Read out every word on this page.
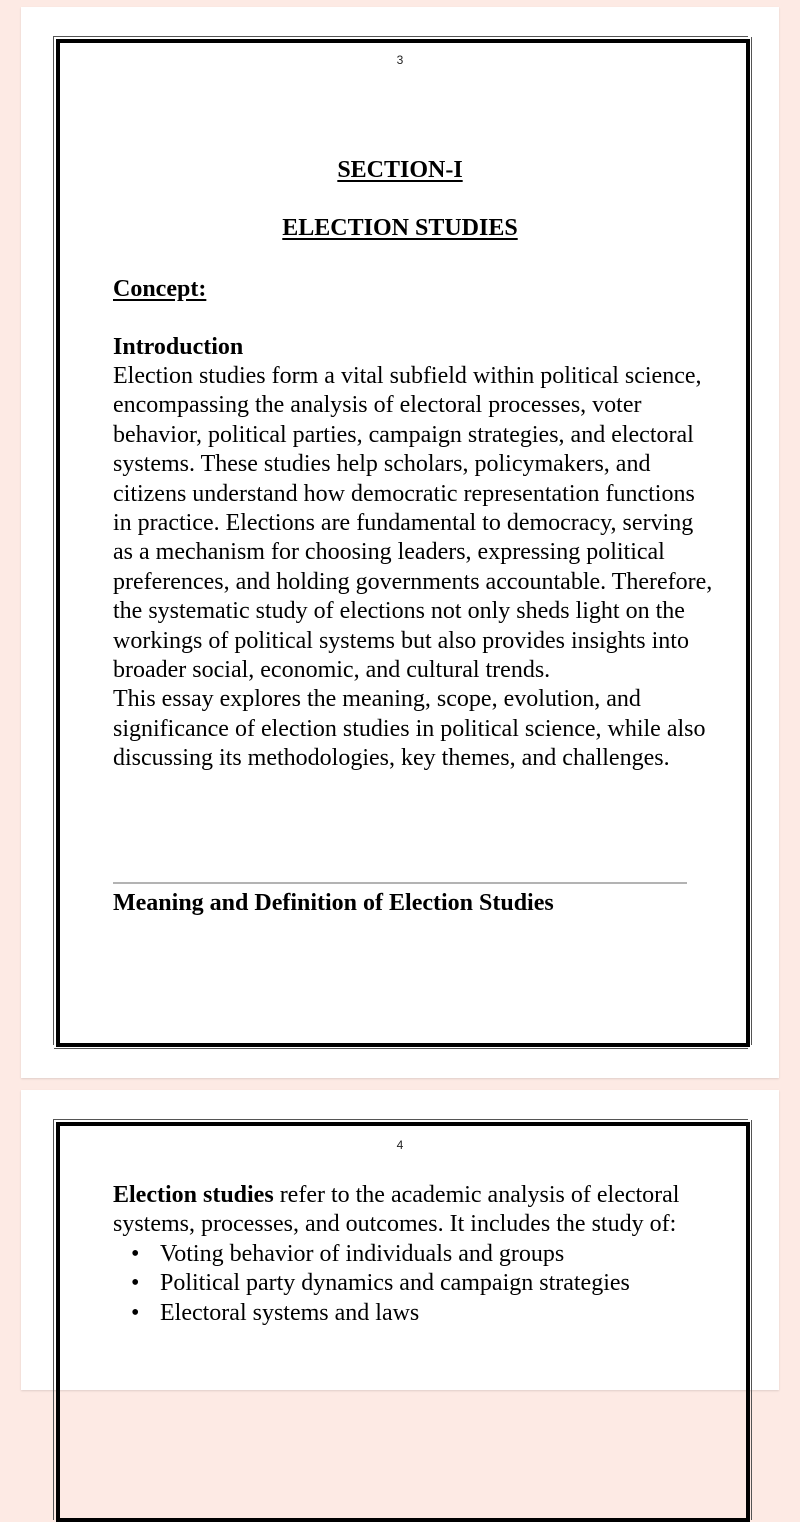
3
SECTION-I
ELECTION STUDIES
Concept:
Introduction

Election studies form a vital subfield within political science, encompassing the analysis of electoral processes, voter behavior, political parties, campaign strategies, and electoral systems. These studies help scholars, policymakers, and citizens understand how democratic representation functions in practice. Elections are fundamental to democracy, serving as a mechanism for choosing leaders, expressing political preferences, and holding governments accountable. Therefore, the systematic study of elections not only sheds light on the workings of political systems but also provides insights into broader social, economic, and cultural trends.

This essay explores the meaning, scope, evolution, and significance of election studies in political science, while also discussing its methodologies, key themes, and challenges.

Meaning and Definition of Election Studies
4
Election studies refer to the academic analysis of electoral systems, processes, and outcomes. It includes the study of:
• Voting behavior of individuals and groups
• Political party dynamics and campaign strategies
• Electoral systems and laws
